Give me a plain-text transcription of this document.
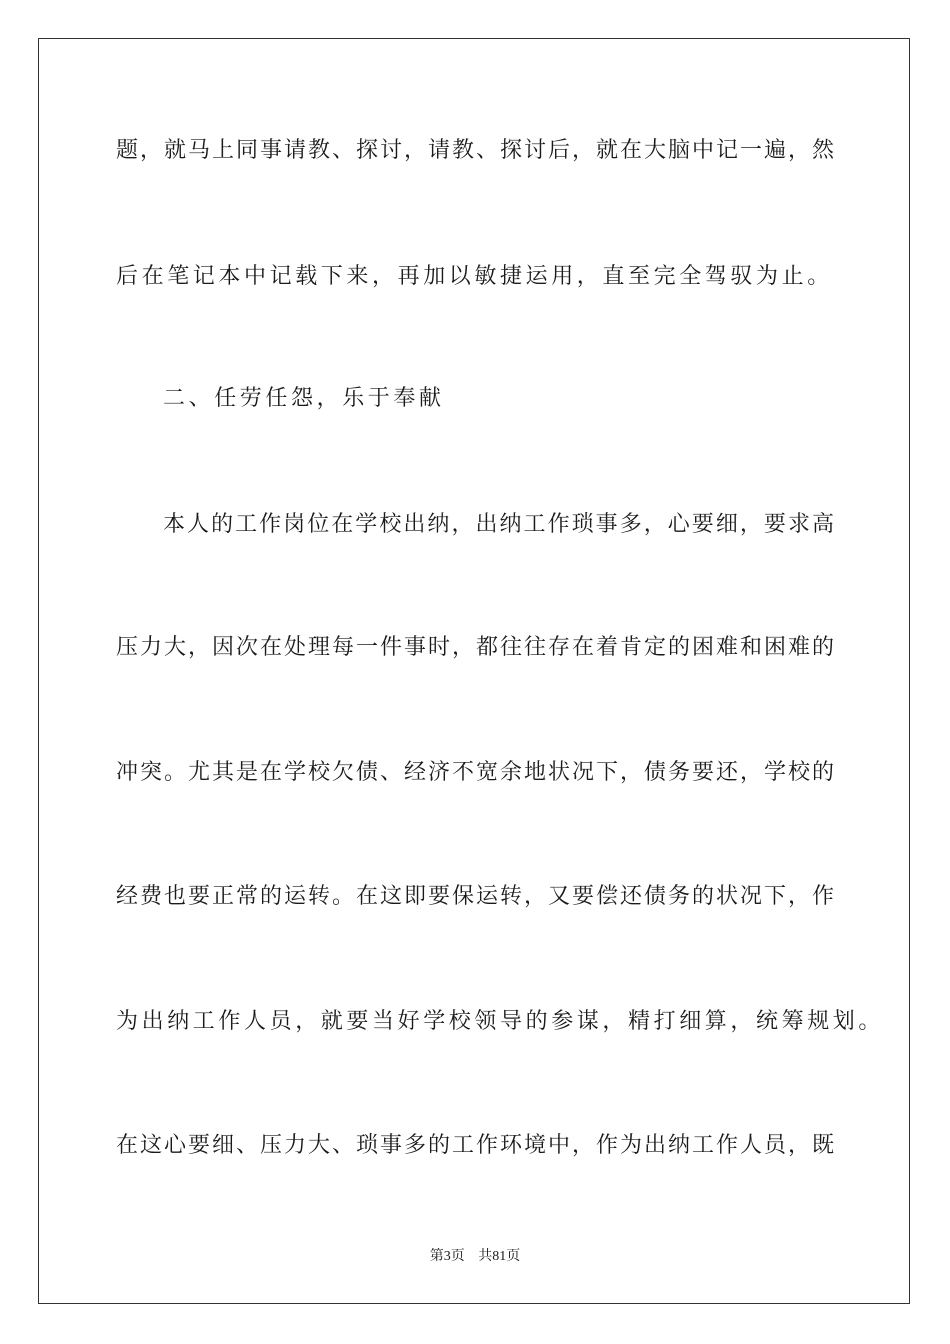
题，就马上同事请教、探讨，请教、探讨后，就在大脑中记一遍，然
后在笔记本中记载下来，再加以敏捷运用，直至完全驾驭为止。
二、任劳任怨，乐于奉献
本人的工作岗位在学校出纳，出纳工作琐事多，心要细，要求高
压力大，因次在处理每一件事时，都往往存在着肯定的困难和困难的
冲突。尤其是在学校欠债、经济不宽余地状况下，债务要还，学校的
经费也要正常的运转。在这即要保运转，又要偿还债务的状况下，作
为出纳工作人员，就要当好学校领导的参谋，精打细算，统筹规划。
在这心要细、压力大、琐事多的工作环境中，作为出纳工作人员，既
第3页 共81页
